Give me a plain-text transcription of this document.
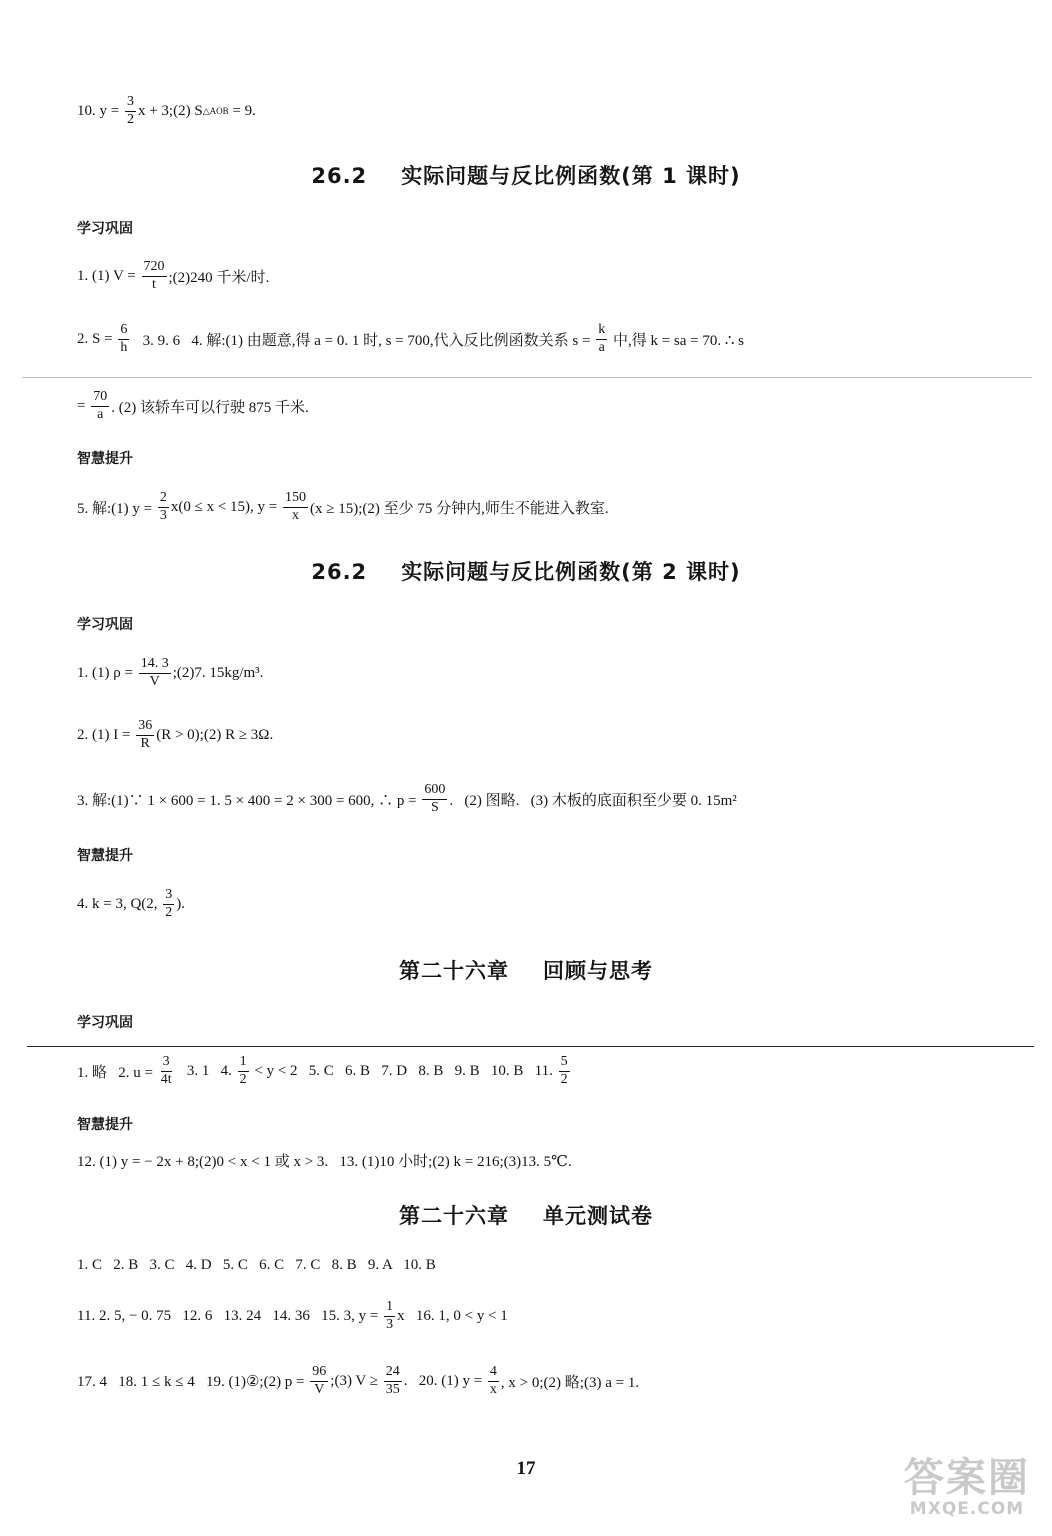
10. $y = \frac{3}{2}$ x + 3;(2) S △AOB = 9.
26.2 实际问题与反比例函数(第 1 课时)
学习巩固
1. (1) $V = \frac{720}{t}$ ;(2)240 千米/时.
2. $S = \frac{6}{h} 3$. 9. 6   4. 解:(1) 由题意,得 a = 0. 1 时, s = 700,代入反比例函数关系 $s = \frac{k}{a}$ 中,得 k = sa = 70. ∴ s
= $\frac{70}{a}$ . (2) 该轿车可以行驶 875 千米.
智慧提升
5. 解:(1) $y = \frac{2}{3} x(0 \le x < 15)$, $y = \frac{150}{x} (x$ ≥ 15);(2) 至少 75 分钟内,师生不能进入教室.
26.2 实际问题与反比例函数(第 2 课时)
学习巩固
1. (1) $\rho = \frac{14. 3}{V}$ ;(2)7. 15kg/m³.
2. (1) $I = \frac{36}{R} (R$ > 0);(2) R ≥ 3Ω.
3. 解:(1)∵ 1 × 600 = 1. 5 × 400 = 2 × 300 = 600, ∴ $p = \frac{600}{S}$ .   (2) 图略.   (3) 木板的底面积至少要 0. 15m²
智慧提升
4. k = 3, Q(2, $\frac{3}{2}$ ).
第二十六章 回顾与思考
学习巩固
1. 略   2. $u = \frac{3}{4t} 3$. 1   4. $\frac{1}{2} < y < 2$   5. C   6. B   7. D   8. B   9. B   10. B   11. $\frac{5}{2}$
智慧提升
12. (1) y = − 2x + 8;(2)0 < x < 1 或 x > 3.   13. (1)10 小时;(2) k = 216;(3)13. 5℃.
第二十六章 单元测试卷
1. C   2. B   3. C   4. D   5. C   6. C   7. C   8. B   9. A   10. B
11. 2. 5, − 0. 75   12. 6   13. 24   14. 36   15. 3, $y = \frac{1}{3}$ x   16. 1, 0 < y < 1
17. 4   18. 1 ≤ k ≤ 4   19. (1)②;(2) $p = \frac{96}{V}$ ;(3) $V \ge \frac{24}{35}$ .   20. (1) $y = \frac{4}{x}$ , x > 0;(2) 略;(3) a = 1.
17	答案圈
MXQE.COM
